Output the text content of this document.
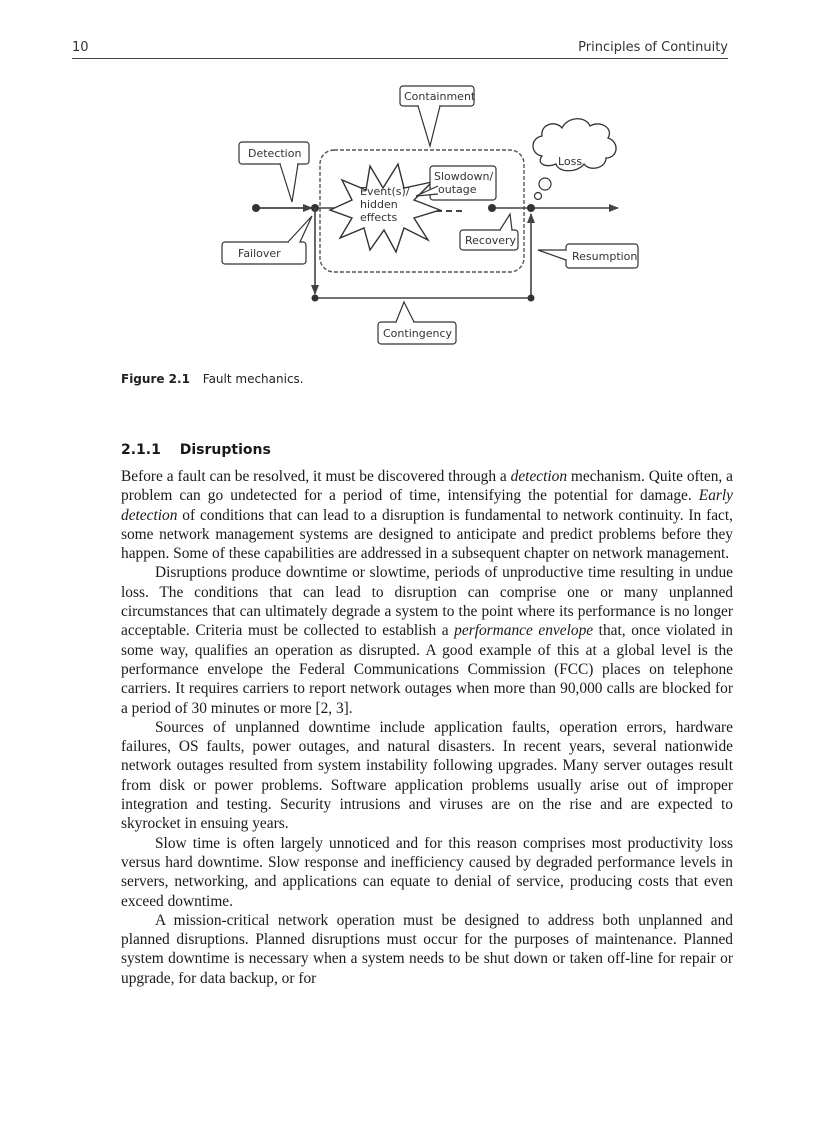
10	Principles of Continuity
Event(s)/
hidden
effects
Containment
Detection
Loss
Slowdown/
outage
Recovery
Failover	Resumption
Contingency
Figure 2.1 Fault mechanics.
2.1.1 Disruptions

Before a fault can be resolved, it must be discovered through a detection mechanism. Quite often, a problem can go undetected for a period of time, intensifying the potential for damage. Early detection of conditions that can lead to a disruption is fundamental to network continuity. In fact, some network management systems are designed to anticipate and predict problems before they happen. Some of these capabilities are addressed in a subsequent chapter on network management.

Disruptions produce downtime or slowtime, periods of unproductive time resulting in undue loss. The conditions that can lead to disruption can comprise one or many unplanned circumstances that can ultimately degrade a system to the point where its performance is no longer acceptable. Criteria must be collected to establish a performance envelope that, once violated in some way, qualifies an operation as disrupted. A good example of this at a global level is the performance envelope the Federal Communications Commission (FCC) places on telephone carriers. It requires carriers to report network outages when more than 90,000 calls are blocked for a period of 30 minutes or more [2, 3].

Sources of unplanned downtime include application faults, operation errors, hardware failures, OS faults, power outages, and natural disasters. In recent years, several nationwide network outages resulted from system instability following upgrades. Many server outages result from disk or power problems. Software application problems usually arise out of improper integration and testing. Security intrusions and viruses are on the rise and are expected to skyrocket in ensuing years.

Slow time is often largely unnoticed and for this reason comprises most productivity loss versus hard downtime. Slow response and inefficiency caused by degraded performance levels in servers, networking, and applications can equate to denial of service, producing costs that even exceed downtime.

A mission-critical network operation must be designed to address both unplanned and planned disruptions. Planned disruptions must occur for the purposes of maintenance. Planned system downtime is necessary when a system needs to be shut down or taken off-line for repair or upgrade, for data backup, or for
